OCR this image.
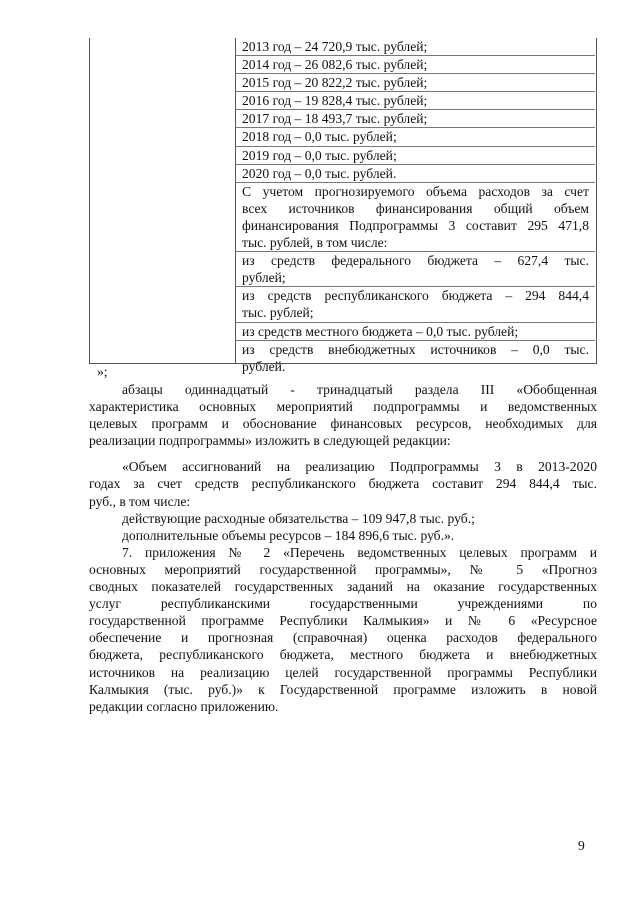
2013 год – 24 720,9 тыс. рублей;
2014 год – 26 082,6 тыс. рублей;
2015 год – 20 822,2 тыс. рублей;
2016 год – 19 828,4 тыс. рублей;
2017 год – 18 493,7 тыс. рублей;
2018 год – 0,0 тыс. рублей;
2019 год – 0,0 тыс. рублей;
2020 год – 0,0 тыс. рублей.
С учетом прогнозируемого объема расходов за счет
всех источников финансирования общий объем
финансирования Подпрограммы 3 составит 295 471,8
тыс. рублей, в том числе:
из средств федерального бюджета – 627,4 тыс.
рублей;
из средств республиканского бюджета – 294 844,4
тыс. рублей;
из средств местного бюджета – 0,0 тыс. рублей;
из средств внебюджетных источников – 0,0 тыс.
рублей.
»;
абзацы одиннадцатый - тринадцатый раздела III «Обобщенная
характеристика основных мероприятий подпрограммы и ведомственных
целевых программ и обоснование финансовых ресурсов, необходимых для
реализации подпрограммы» изложить в следующей редакции:
«Объем ассигнований на реализацию Подпрограммы 3 в 2013-2020
годах за счет средств республиканского бюджета составит 294 844,4 тыс.
руб., в том числе:
действующие расходные обязательства – 109 947,8 тыс. руб.;
дополнительные объемы ресурсов – 184 896,6 тыс. руб.».
7. приложения № 2 «Перечень ведомственных целевых программ и
основных мероприятий государственной программы», № 5 «Прогноз
сводных показателей государственных заданий на оказание государственных
услуг республиканскими государственными учреждениями по
государственной программе Республики Калмыкия» и № 6 «Ресурсное
обеспечение и прогнозная (справочная) оценка расходов федерального
бюджета, республиканского бюджета, местного бюджета и внебюджетных
источников на реализацию целей государственной программы Республики
Калмыкия (тыс. руб.)» к Государственной программе изложить в новой
редакции согласно приложению.
9
